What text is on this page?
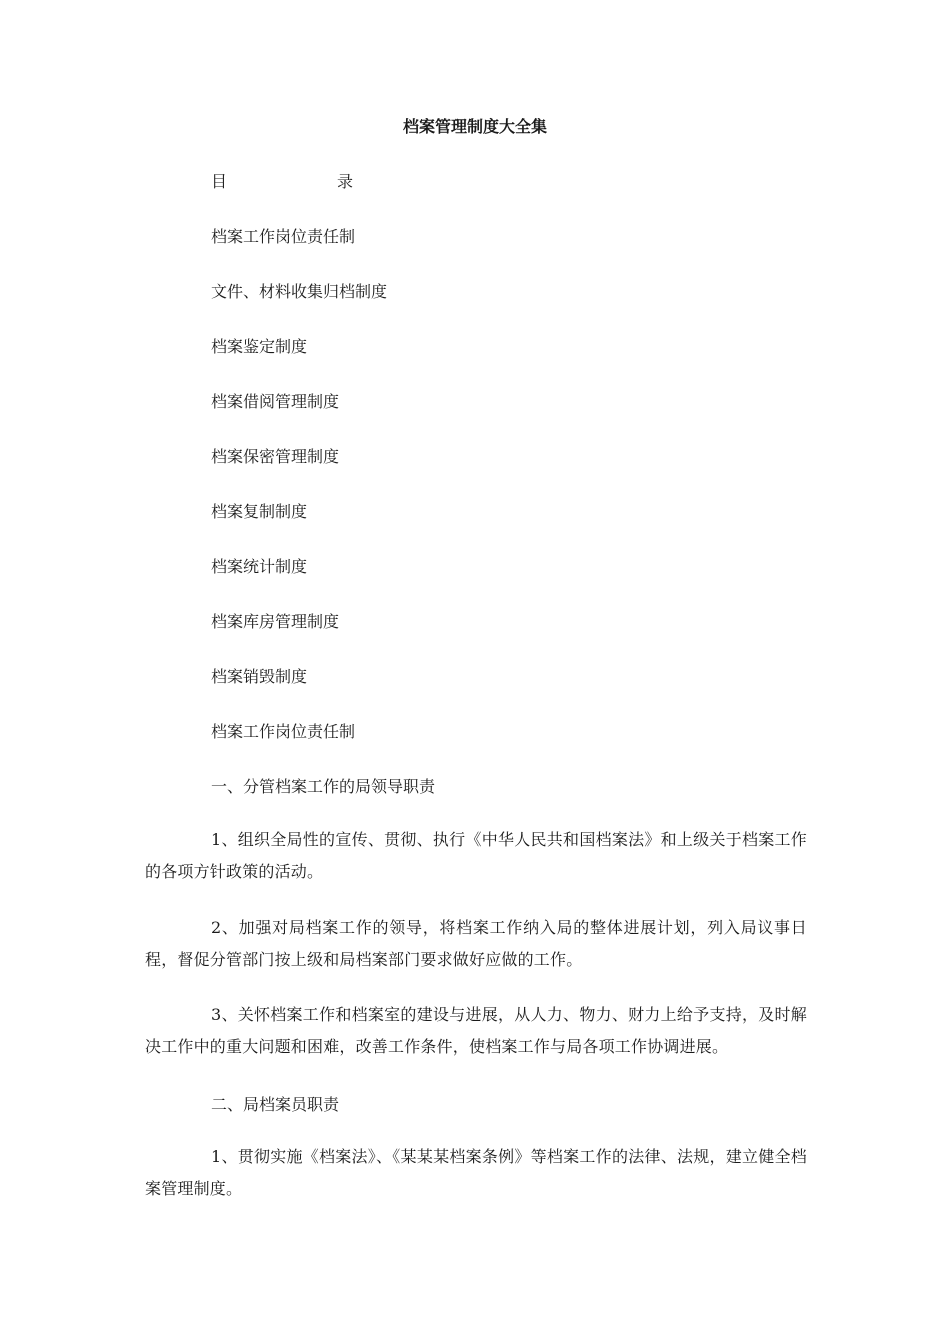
档案管理制度大全集
目	录
档案工作岗位责任制
文件、材料收集归档制度
档案鉴定制度
档案借阅管理制度
档案保密管理制度
档案复制制度
档案统计制度
档案库房管理制度
档案销毁制度
档案工作岗位责任制
一、分管档案工作的局领导职责
1、组织全局性的宣传、贯彻、执行《中华人民共和国档案法》和上级关于档案工作的各项方针政策的活动。
2、加强对局档案工作的领导，将档案工作纳入局的整体进展计划，列入局议事日程，督促分管部门按上级和局档案部门要求做好应做的工作。
3、关怀档案工作和档案室的建设与进展，从人力、物力、财力上给予支持，及时解决工作中的重大问题和困难，改善工作条件，使档案工作与局各项工作协调进展。
二、局档案员职责
1、贯彻实施《档案法》、《某某某档案条例》等档案工作的法律、法规，建立健全档案管理制度。
